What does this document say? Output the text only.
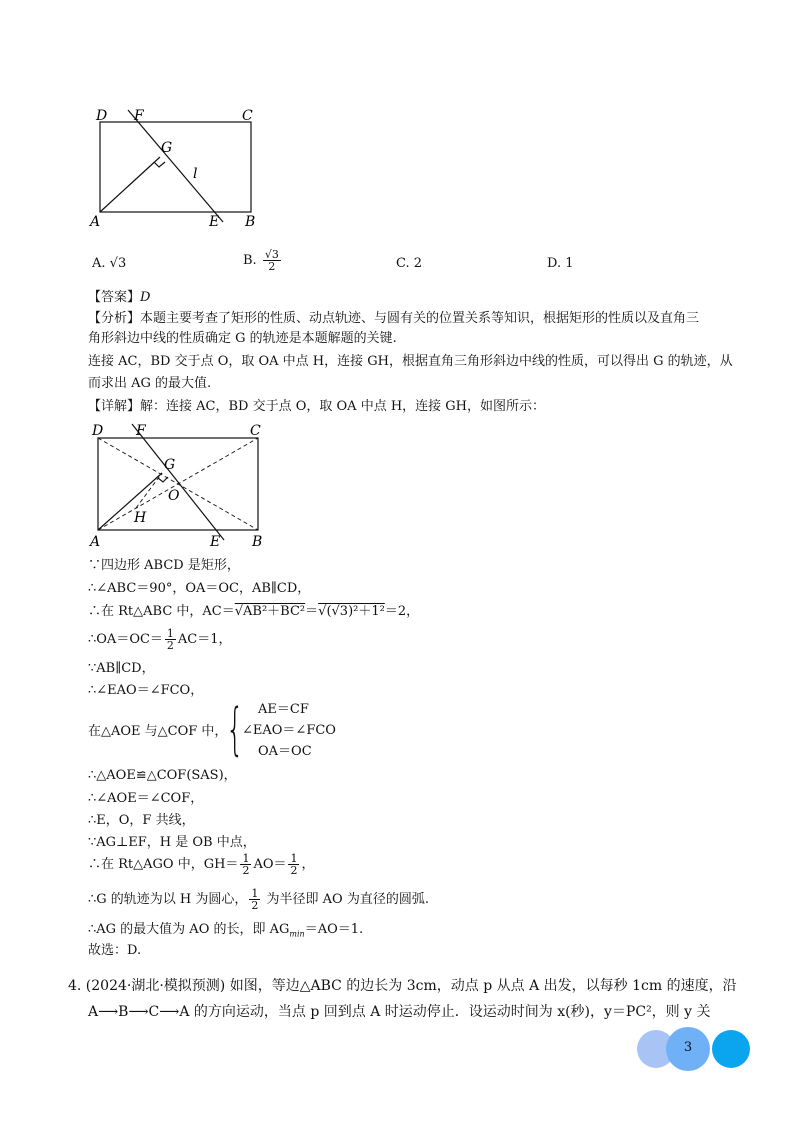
D F	C
G
l
A	E B
A. √3	B. $\frac{√3}{2}$	C. 2	D. 1
【答案】D
【分析】本题主要考查了矩形的性质、动点轨迹、与圆有关的位置关系等知识，根据矩形的性质以及直角三
角形斜边中线的性质确定 G 的轨迹是本题解题的关键.
连接 AC，BD 交于点 O，取 OA 中点 H，连接 GH，根据直角三角形斜边中线的性质，可以得出 G 的轨迹，从
而求出 AG 的最大值.
【详解】解：连接 AC，BD 交于点 O，取 OA 中点 H，连接 GH，如图所示：
D F	C
G
O
H
A	E B
∵四边形 ABCD 是矩形，
∴∠ABC＝90°，OA＝OC，AB∥CD，
∴在 Rt△ABC 中，AC＝√AB²＋BC²＝√(√3)²＋1²＝2，
∴OA＝OC＝ $\frac{1}{2} AC=1$，
∵AB∥CD，
∴∠EAO＝∠FCO，
在△AOE 与△COF 中，
{ AE＝CF
∠EAO＝∠FCO
OA＝OC
∴△AOE≌△COF(SAS)，
∴∠AOE＝∠COF，
∴E，O，F 共线，
∵AG⊥EF，H 是 OB 中点，
∴在 Rt△AGO 中，$GH= \frac{1}{2} AO= \frac{1}{2}$ ，
∴G 的轨迹为以 H 为圆心， $\frac{1}{2}$ 为半径即 AO 为直径的圆弧.
∴AG 的最大值为 AO 的长，即 $AG_{min}=AO=1$.
故选：D.
4. (2024·湖北·模拟预测) 如图，等边△ABC 的边长为 3cm，动点 p 从点 A 出发，以每秒 1cm 的速度，沿
A⟶B⟶C⟶A 的方向运动，当点 p 回到点 A 时运动停止．设运动时间为 x(秒)，y＝PC²，则 y 关
3
